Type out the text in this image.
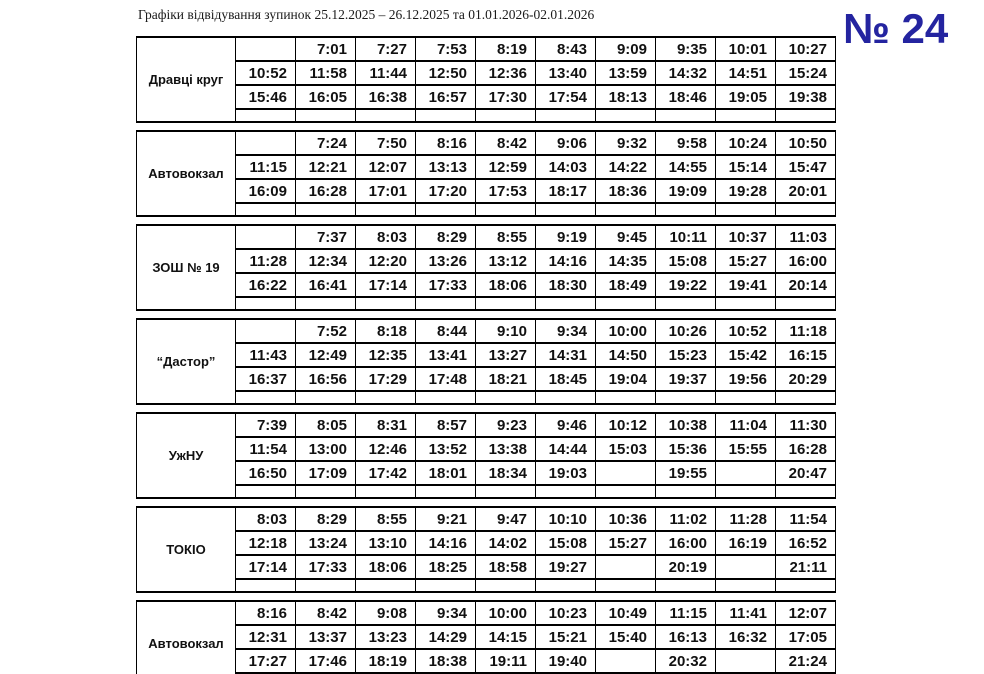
Графіки відвідування зупинок 25.12.2025 – 26.12.2025 та 01.01.2026-02.01.2026	№ 24
Дравці круг		7:01	7:27	7:53	8:19	8:43	9:09	9:35	10:01	10:27
	10:52	11:58	11:44	12:50	12:36	13:40	13:59	14:32	14:51	15:24
	15:46	16:05	16:38	16:57	17:30	17:54	18:13	18:46	19:05	19:38

Автовокзал		7:24	7:50	8:16	8:42	9:06	9:32	9:58	10:24	10:50
	11:15	12:21	12:07	13:13	12:59	14:03	14:22	14:55	15:14	15:47
	16:09	16:28	17:01	17:20	17:53	18:17	18:36	19:09	19:28	20:01

ЗОШ № 19		7:37	8:03	8:29	8:55	9:19	9:45	10:11	10:37	11:03
	11:28	12:34	12:20	13:26	13:12	14:16	14:35	15:08	15:27	16:00
	16:22	16:41	17:14	17:33	18:06	18:30	18:49	19:22	19:41	20:14

“Дастор”		7:52	8:18	8:44	9:10	9:34	10:00	10:26	10:52	11:18
	11:43	12:49	12:35	13:41	13:27	14:31	14:50	15:23	15:42	16:15
	16:37	16:56	17:29	17:48	18:21	18:45	19:04	19:37	19:56	20:29

УжНУ	7:39	8:05	8:31	8:57	9:23	9:46	10:12	10:38	11:04	11:30
	11:54	13:00	12:46	13:52	13:38	14:44	15:03	15:36	15:55	16:28
	16:50	17:09	17:42	18:01	18:34	19:03		19:55		20:47

ТОКІО	8:03	8:29	8:55	9:21	9:47	10:10	10:36	11:02	11:28	11:54
	12:18	13:24	13:10	14:16	14:02	15:08	15:27	16:00	16:19	16:52
	17:14	17:33	18:06	18:25	18:58	19:27		20:19		21:11

Автовокзал	8:16	8:42	9:08	9:34	10:00	10:23	10:49	11:15	11:41	12:07
	12:31	13:37	13:23	14:29	14:15	15:21	15:40	16:13	16:32	17:05
	17:27	17:46	18:19	18:38	19:11	19:40		20:32		21:24
